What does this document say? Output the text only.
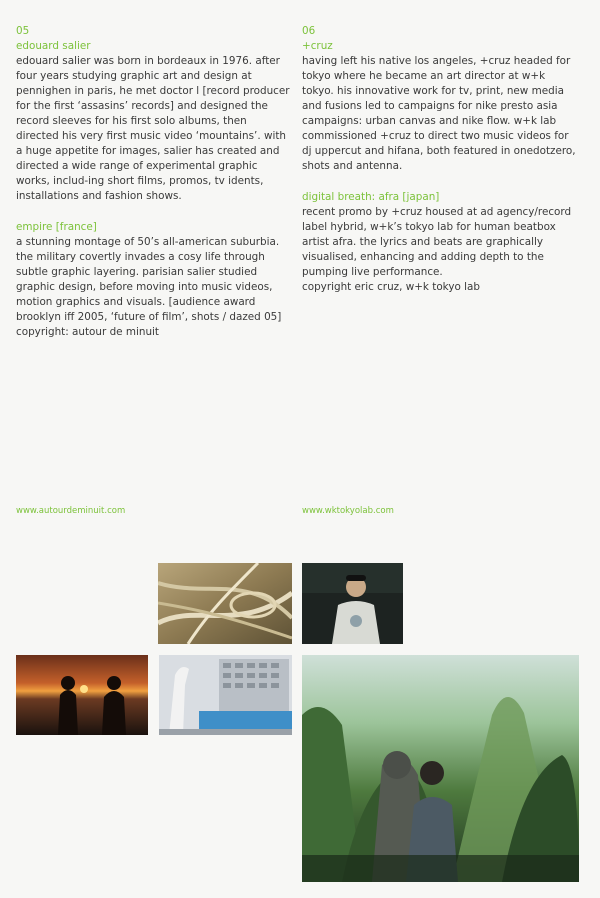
05
edouard salier

edouard salier was born in bordeaux in 1976. after four years studying graphic art and design at pennighen in paris, he met doctor l [record producer for the first ‘assasins’ records] and designed the record sleeves for his first solo albums, then directed his very first music video ‘mountains’. with a huge appetite for images, salier has created and directed a wide range of experimental graphic works, includ-ing short films, promos, tv idents, installations and fashion shows.

empire [france]

a stunning montage of 50’s all-american suburbia. the military covertly invades a cosy life through subtle graphic layering. parisian salier studied graphic design, before moving into music videos, motion graphics and visuals. [audience award brooklyn iff 2005, ‘future of film’, shots / dazed 05]

copyright: autour de minuit

06
+cruz

having left his native los angeles, +cruz headed for tokyo where he became an art director at w+k tokyo. his innovative work for tv, print, new media and fusions led to campaigns for nike presto asia campaigns: urban canvas and nike flow. w+k lab commissioned +cruz to direct two music videos for dj uppercut and hifana, both featured in onedotzero, shots and antenna.

digital breath: afra [japan]

recent promo by +cruz housed at ad agency/record label hybrid, w+k’s tokyo lab for human beatbox artist afra. the lyrics and beats are graphically visualised, enhancing and adding depth to the pumping live performance.

copyright eric cruz, w+k tokyo lab

www.autourdeminuit.com	www.wktokyolab.com
